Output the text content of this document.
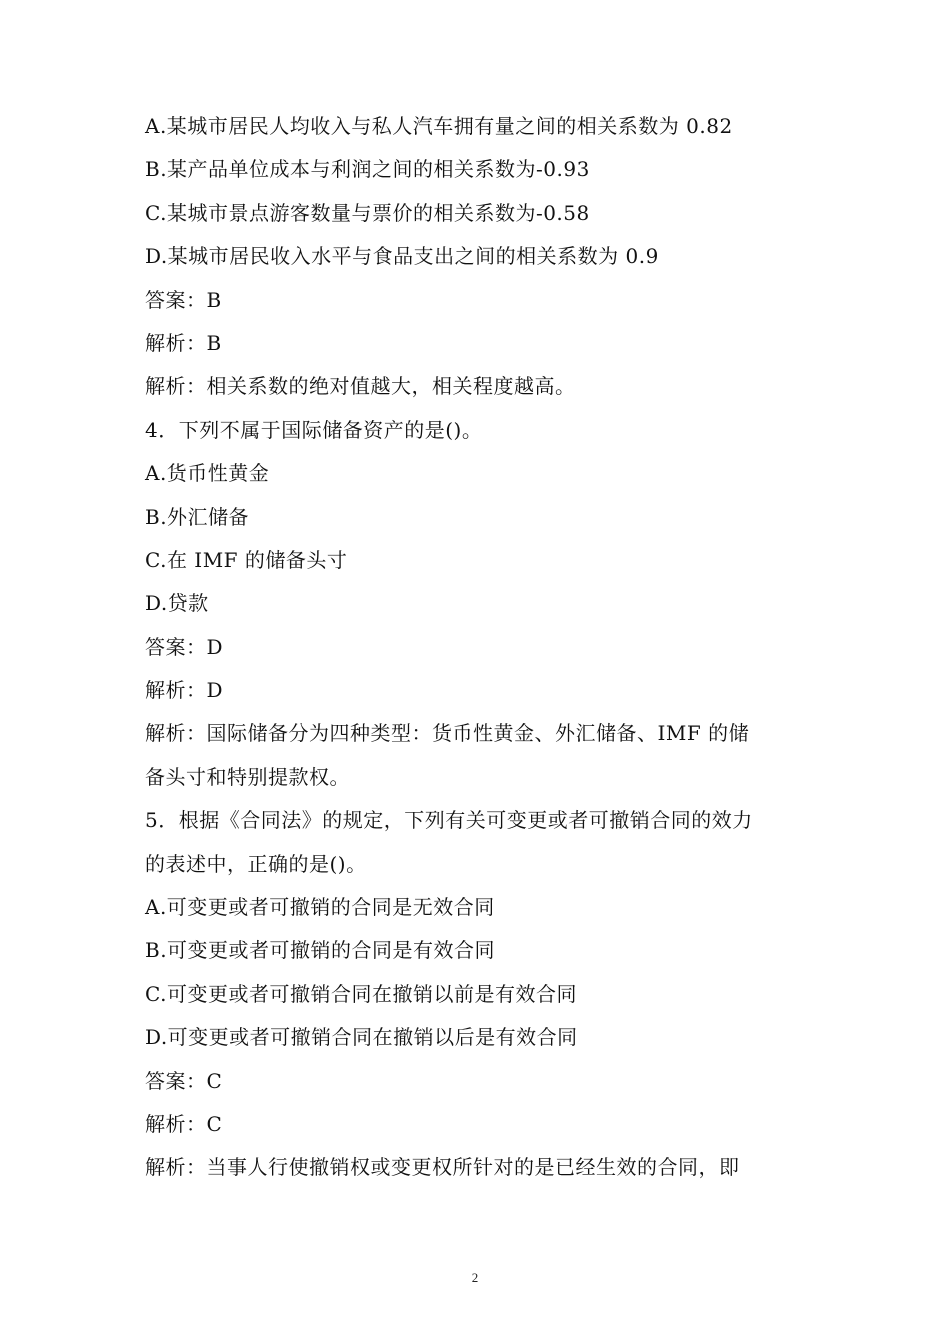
A.某城市居民人均收入与私人汽车拥有量之间的相关系数为 0.82
B.某产品单位成本与利润之间的相关系数为-0.93
C.某城市景点游客数量与票价的相关系数为-0.58
D.某城市居民收入水平与食品支出之间的相关系数为 0.9
答案：B
解析：B
解析：相关系数的绝对值越大，相关程度越高。
4．下列不属于国际储备资产的是()。
A.货币性黄金
B.外汇储备
C.在 IMF 的储备头寸
D.贷款
答案：D
解析：D
解析：国际储备分为四种类型：货币性黄金、外汇储备、IMF 的储
备头寸和特别提款权。
5．根据《合同法》的规定，下列有关可变更或者可撤销合同的效力
的表述中，正确的是()。
A.可变更或者可撤销的合同是无效合同
B.可变更或者可撤销的合同是有效合同
C.可变更或者可撤销合同在撤销以前是有效合同
D.可变更或者可撤销合同在撤销以后是有效合同
答案：C
解析：C
解析：当事人行使撤销权或变更权所针对的是已经生效的合同，即
2
